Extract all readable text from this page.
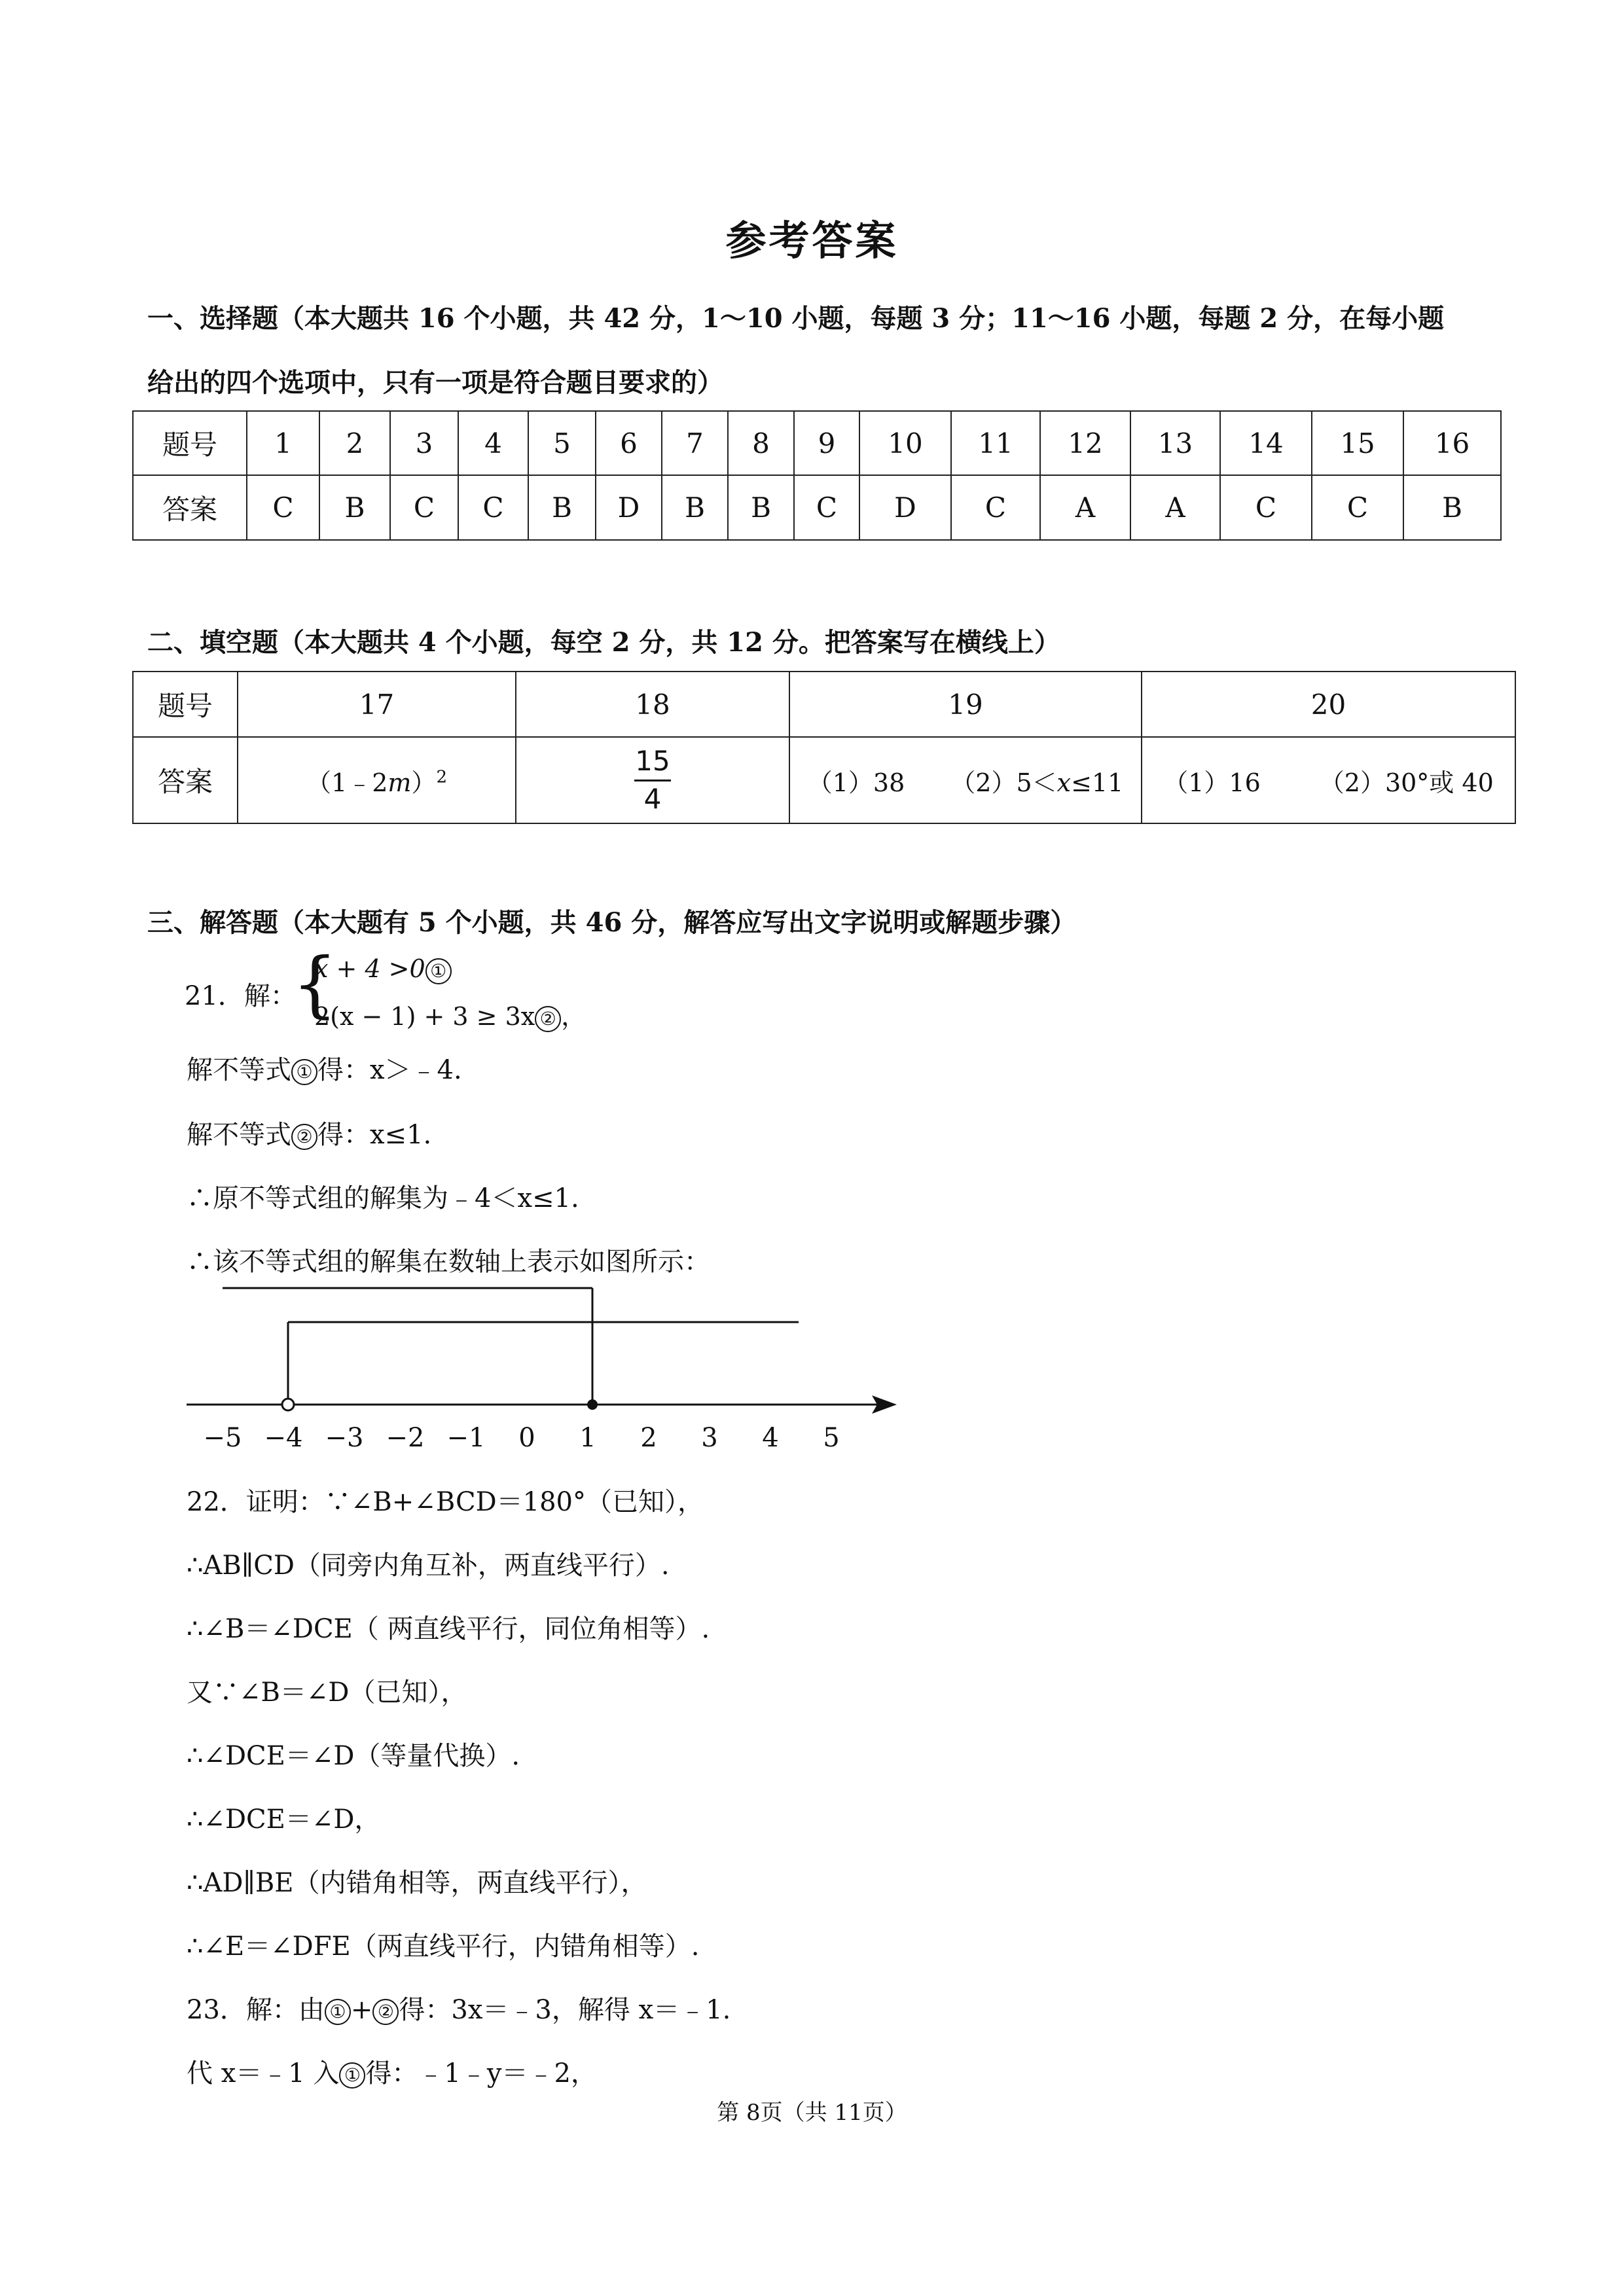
参考答案
一、选择题（本大题共 16 个小题，共 42 分，1～10 小题，每题 3 分；11～16 小题，每题 2 分，在每小题
给出的四个选项中，只有一项是符合题目要求的）
题号	1	2	3	4	5	6	7	8	9	10	11	12	13	14	15	16
答案	C	B	C	C	B	D	B	B	C	D	C	A	A	C	C	B
二、填空题（本大题共 4 个小题，每空 2 分，共 12 分。把答案写在横线上）
题号	17	18	19	20
答案	（1﹣2m）$^2$	$\frac{15}{4}$	（1）38 （2）5＜x≤11	（1）16 （2）30°或 40
三、解答题（本大题有 5 个小题，共 46 分，解答应写出文字说明或解题步骤）
21．解：
{
x + 4 >0 ①
2(x − 1) + 3 ≥ 3x ② ，
解不等式 ① 得：x＞﹣4.
解不等式 ② 得：x≤1.
∴原不等式组的解集为﹣4＜x≤1.
∴该不等式组的解集在数轴上表示如图所示：
−5 −4 −3 −2 −1 0 1 2 3 4 5
22．证明：∵∠B+∠BCD＝180°（已知），
∴AB∥CD（同旁内角互补，两直线平行）.
∴∠B＝∠DCE（ 两直线平行，同位角相等）.
又∵∠B＝∠D（已知），
∴∠DCE＝∠D（等量代换）.
∴∠DCE＝∠D，
∴AD∥BE（内错角相等，两直线平行），
∴∠E＝∠DFE（两直线平行，内错角相等）.
23．解：由 ① + ② 得：3x＝﹣3，解得 x＝﹣1.
代 x＝﹣1 入 ① 得：﹣1﹣y＝﹣2，
第 8页（共 11页）
